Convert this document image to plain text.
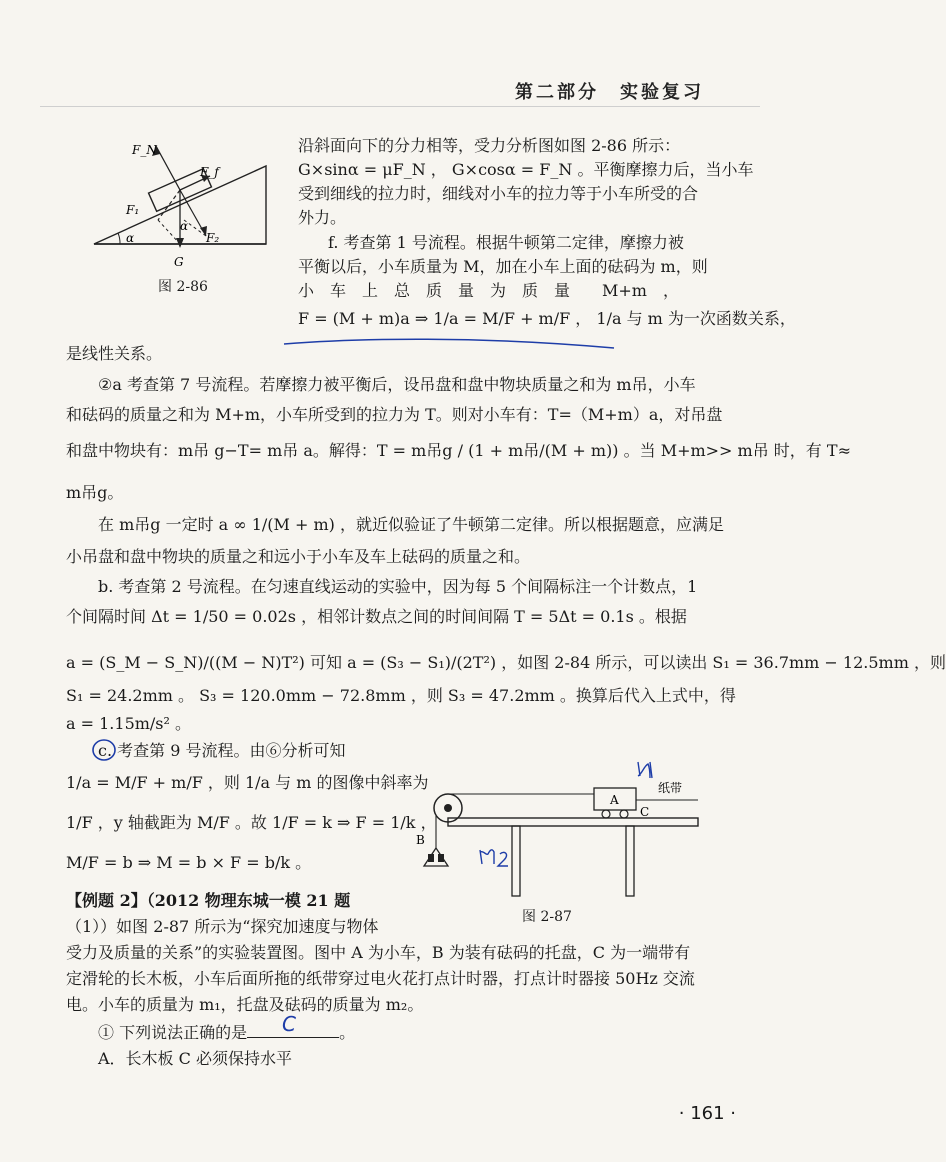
第二部分　实验复习
F_N
F_f
F₁
α
α
F₂
G
图 2-86
沿斜面向下的分力相等，受力分析图如图 2-86 所示：
G×sinα = μF_N ， G×cosα = F_N 。平衡摩擦力后，当小车
受到细线的拉力时，细线对小车的拉力等于小车所受的合
外力。
f. 考查第 1 号流程。根据牛顿第二定律，摩擦力被
平衡以后，小车质量为 M，加在小车上面的砝码为 m，则
小　车　上　总　质　量　为　质　量　　M+m　，
F = (M + m)a ⇒ 1/a = M/F + m/F ， 1/a 与 m 为一次函数关系，
是线性关系。
②a 考查第 7 号流程。若摩擦力被平衡后，设吊盘和盘中物块质量之和为 m吊，小车
和砝码的质量之和为 M+m，小车所受到的拉力为 T。则对小车有：T=（M+m）a，对吊盘
和盘中物块有：m吊 g−T= m吊 a。解得：T = m吊g / (1 + m吊/(M + m)) 。当 M+m>> m吊 时，有 T≈
m吊g。
在 m吊g 一定时 a ∞ 1/(M + m) ，就近似验证了牛顿第二定律。所以根据题意，应满足
小吊盘和盘中物块的质量之和远小于小车及车上砝码的质量之和。
b. 考查第 2 号流程。在匀速直线运动的实验中，因为每 5 个间隔标注一个计数点，1
个间隔时间 Δt = 1/50 = 0.02s ，相邻计数点之间的时间间隔 T = 5Δt = 0.1s 。根据
a = (S_M − S_N)/((M − N)T²) 可知 a = (S₃ − S₁)/(2T²) ，如图 2-84 所示，可以读出 S₁ = 36.7mm − 12.5mm ，则
S₁ = 24.2mm 。 S₃ = 120.0mm − 72.8mm ，则 S₃ = 47.2mm 。换算后代入上式中，得
a = 1.15m/s² 。
c. 考查第 9 号流程。由⑥分析可知
1/a = M/F + m/F ，则 1/a 与 m 的图像中斜率为
1/F ，y 轴截距为 M/F 。故 1/F = k ⇒ F = 1/k ，
M/F = b ⇒ M = b × F = b/k 。
A
B
C
纸带
图 2-87
【例题 2】（2012 物理东城一模 21 题
（1））如图 2-87 所示为“探究加速度与物体
受力及质量的关系”的实验装置图。图中 A 为小车，B 为装有砝码的托盘，C 为一端带有
定滑轮的长木板，小车后面所拖的纸带穿过电火花打点计时器，打点计时器接 50Hz 交流
电。小车的质量为 m₁，托盘及砝码的质量为 m₂。
① 下列说法正确的是	。
C
A．长木板 C 必须保持水平
· 161 ·
